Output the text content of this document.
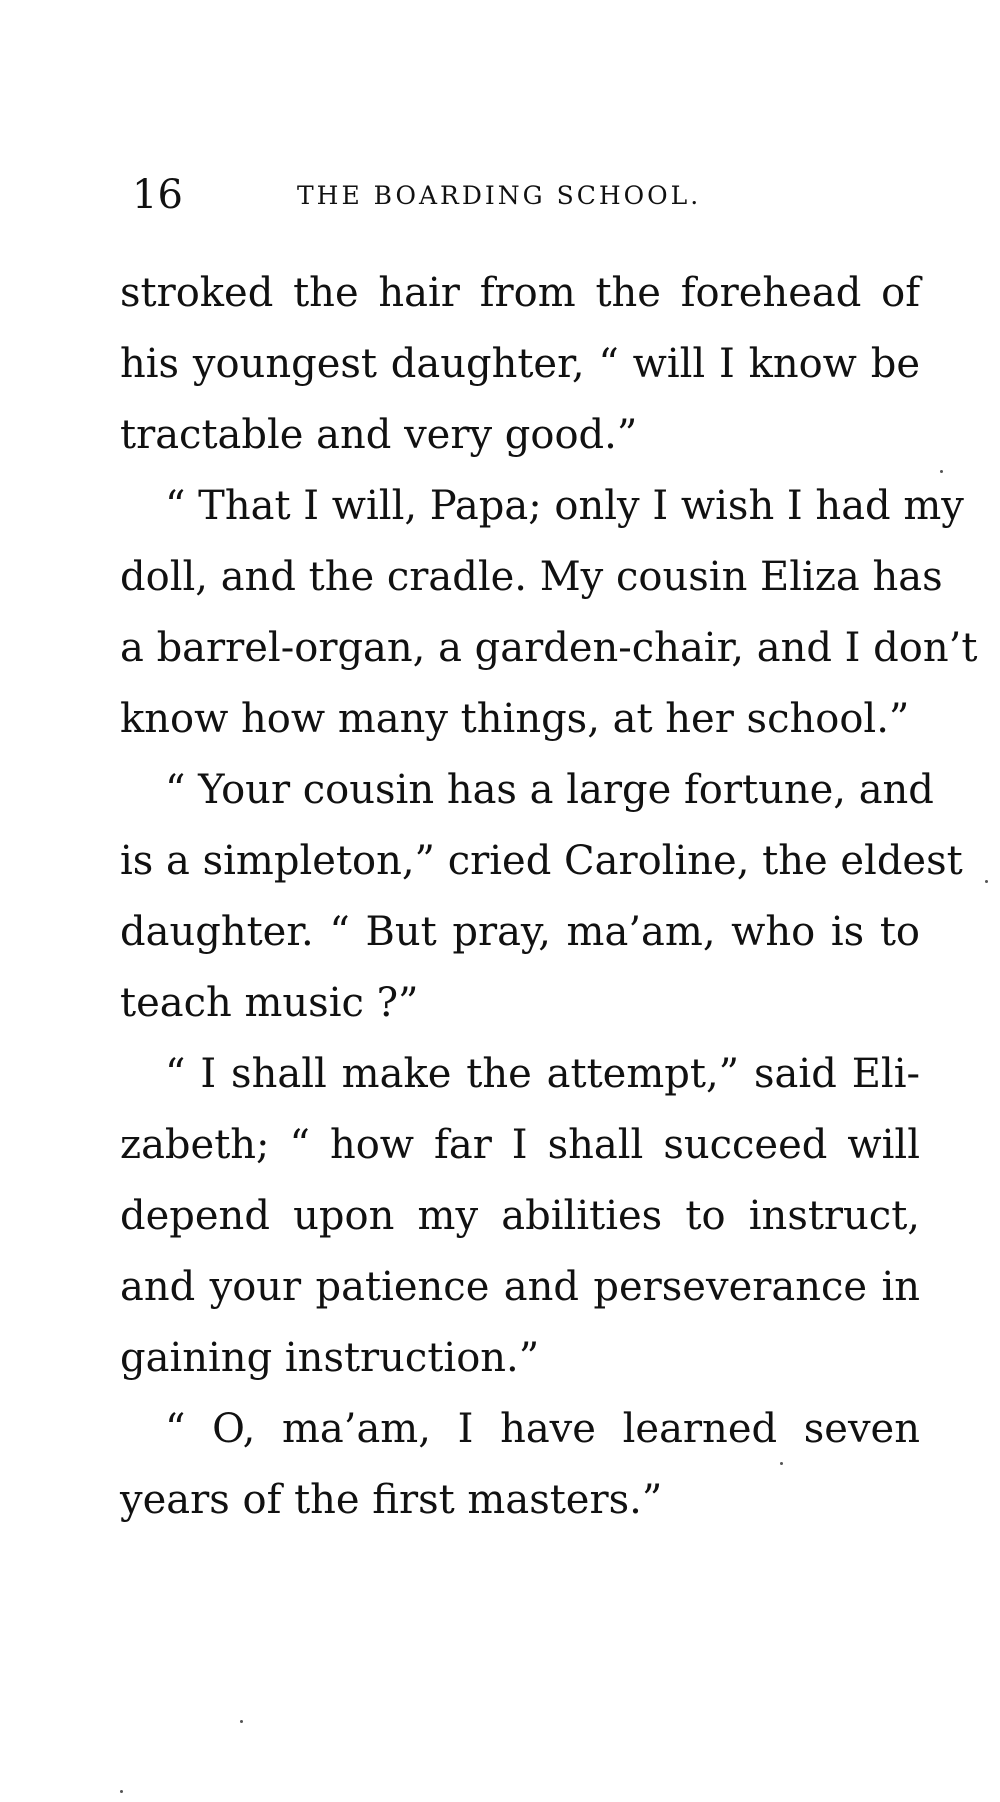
16	THE BOARDING SCHOOL.
stroked the hair from the forehead of
his youngest daughter, “ will I know be
tractable and very good.”
“ That I will, Papa; only I wish I had my
doll, and the cradle. My cousin Eliza has
a barrel-organ, a garden-chair, and I don’t
know how many things, at her school.”
“ Your cousin has a large fortune, and
is a simpleton,” cried Caroline, the eldest
daughter. “ But pray, ma’am, who is to
teach music ?”
“ I shall make the attempt,” said Eli-
zabeth; “ how far I shall succeed will
depend upon my abilities to instruct,
and your patience and perseverance in
gaining instruction.”
“ O, ma’am, I have learned seven
years of the first masters.”
